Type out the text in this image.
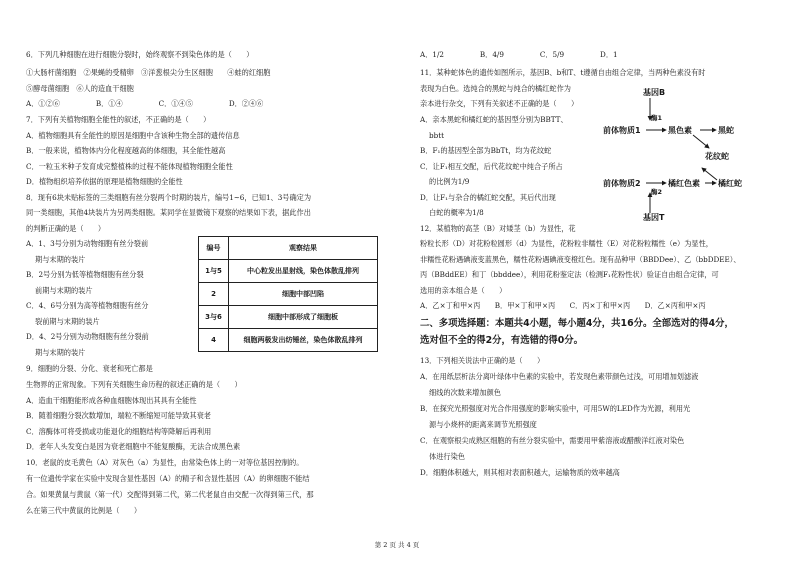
6．下列几种细胞在进行细胞分裂时，始终观察不到染色体的是（　　）
①大肠杆菌细胞　②果蝇的受精卵　③洋葱根尖分生区细胞　　④蛙的红细胞
⑤酵母菌细胞　⑥人的造血干细胞
A．①②⑥　　　　　B．①④　　　　　C．①④⑤　　　　　D．②④⑥
7．下列有关植物细胞全能性的叙述，不正确的是（　　）
A．植物细胞具有全能性的原因是细胞中含该种生物全部的遗传信息
B．一般来说，植物体内分化程度越高的体细胞，其全能性越高
C．一粒玉米种子发育成完整植株的过程不能体现植物细胞全能性
D．植物组织培养依据的原理是植物细胞的全能性
8．现有6块未贴标签的三类细胞有丝分裂两个时期的装片，编号1~6，已知1、3号确定为
同一类细胞，其他4块装片为另两类细胞。某同学在显微镜下观察的结果如下表，据此作出
的判断正确的是（　　）
A．1、3号分别为动物细胞有丝分裂前
期与末期的装片
B．2号分别为低等植物细胞有丝分裂
前期与末期的装片
C．4、6号分别为高等植物细胞有丝分
裂前期与末期的装片
D．4、2号分别为动物细胞有丝分裂前
期与末期的装片
9．细胞的分裂、分化、衰老和死亡都是
生物界的正常现象。下列有关细胞生命历程的叙述正确的是（　　）
A．造血干细胞能形成各种血细胞体现出其具有全能性
B．随着细胞分裂次数增加，端粒不断缩短可能导致其衰老
C．溶酶体可将受损或功能退化的细胞结构等降解后再利用
D．老年人头发变白是因为衰老细胞中不能复酸酶，无法合成黑色素
10．老鼠的皮毛黄色（A）对灰色（a）为显性，由常染色体上的一对等位基因控制的。
有一位遗传学家在实验中发现含显性基因（A）的精子和含显性基因（A）的卵细胞不能结
合。如果黄鼠与黄鼠（第一代）交配得到第二代，第二代老鼠自由交配一次得到第三代，那
么在第三代中黄鼠的比例是（　　）
编号	观察结果
1与5	中心粒发出星射线，染色体散乱排列
2	细胞中部凹陷
3与6	细胞中部形成了细胞板
4	细胞两极发出纺锤丝，染色体散乱排列
A．1/2　　　　　B．4/9　　　　　C．5/9　　　　　D．1
11．某种蛇体色的遗传如图所示，基因B、b和T、t遵循自由组合定律，当两种色素没有时
表现为白色。选纯合的黑蛇与纯合的橘红蛇作为
亲本进行杂交，下列有关叙述不正确的是（　　）
A．亲本黑蛇和橘红蛇的基因型分别为BBTT、
bbtt
B．F₁的基因型全部为BbTt，均为花纹蛇
C．让F₁相互交配，后代花纹蛇中纯合子所占
的比例为1/9
D．让F₁与杂合的橘红蛇交配，其后代出现
白蛇的概率为1/8
12．某植物的高茎（B）对矮茎（b）为显性，花
粉粒长形（D）对花粉粒圆形（d）为显性，花粉粒非糯性（E）对花粉粒糯性（e）为显性，
非糯性花粉遇碘液变蓝黑色，糯性花粉遇碘液变橙红色。现有品种甲（BBDDee）、乙（bbDDEE）、
丙（BBddEE）和丁（bbddee），利用花粉鉴定法（检测F₁花粉性状）验证自由组合定律，可
选用的亲本组合是（　　）
A．乙×丁和甲×丙　　B．甲×丁和甲×丙　　C．丙×丁和甲×丙　　D．乙×丙和甲×丙
二、多项选择题：本题共4小题，每小题4分，共16分。全部选对的得4分，
选对但不全的得2分，有选错的得0分。
13．下列相关说法中正确的是（　　）
A．在用纸层析法分离叶绿体中色素的实验中，若发现色素带颜色过浅，可用增加划滤液
细线的次数来增加颜色
B．在探究光照强度对光合作用强度的影响实验中，可用5W的LED作为光源，利用光
源与小烧杯的距离来调节光照强度
C．在观察根尖成熟区细胞的有丝分裂实验中，需要用甲紫溶液或醋酸洋红液对染色
体进行染色
D．细胞体积越大，则其相对表面积越大，运输物质的效率越高
基因B
酶1
前体物质1	黑色素	黑蛇
花纹蛇
前体物质2	橘红色素 橘红蛇
酶2
基因T
第 2 页 共 4 页
